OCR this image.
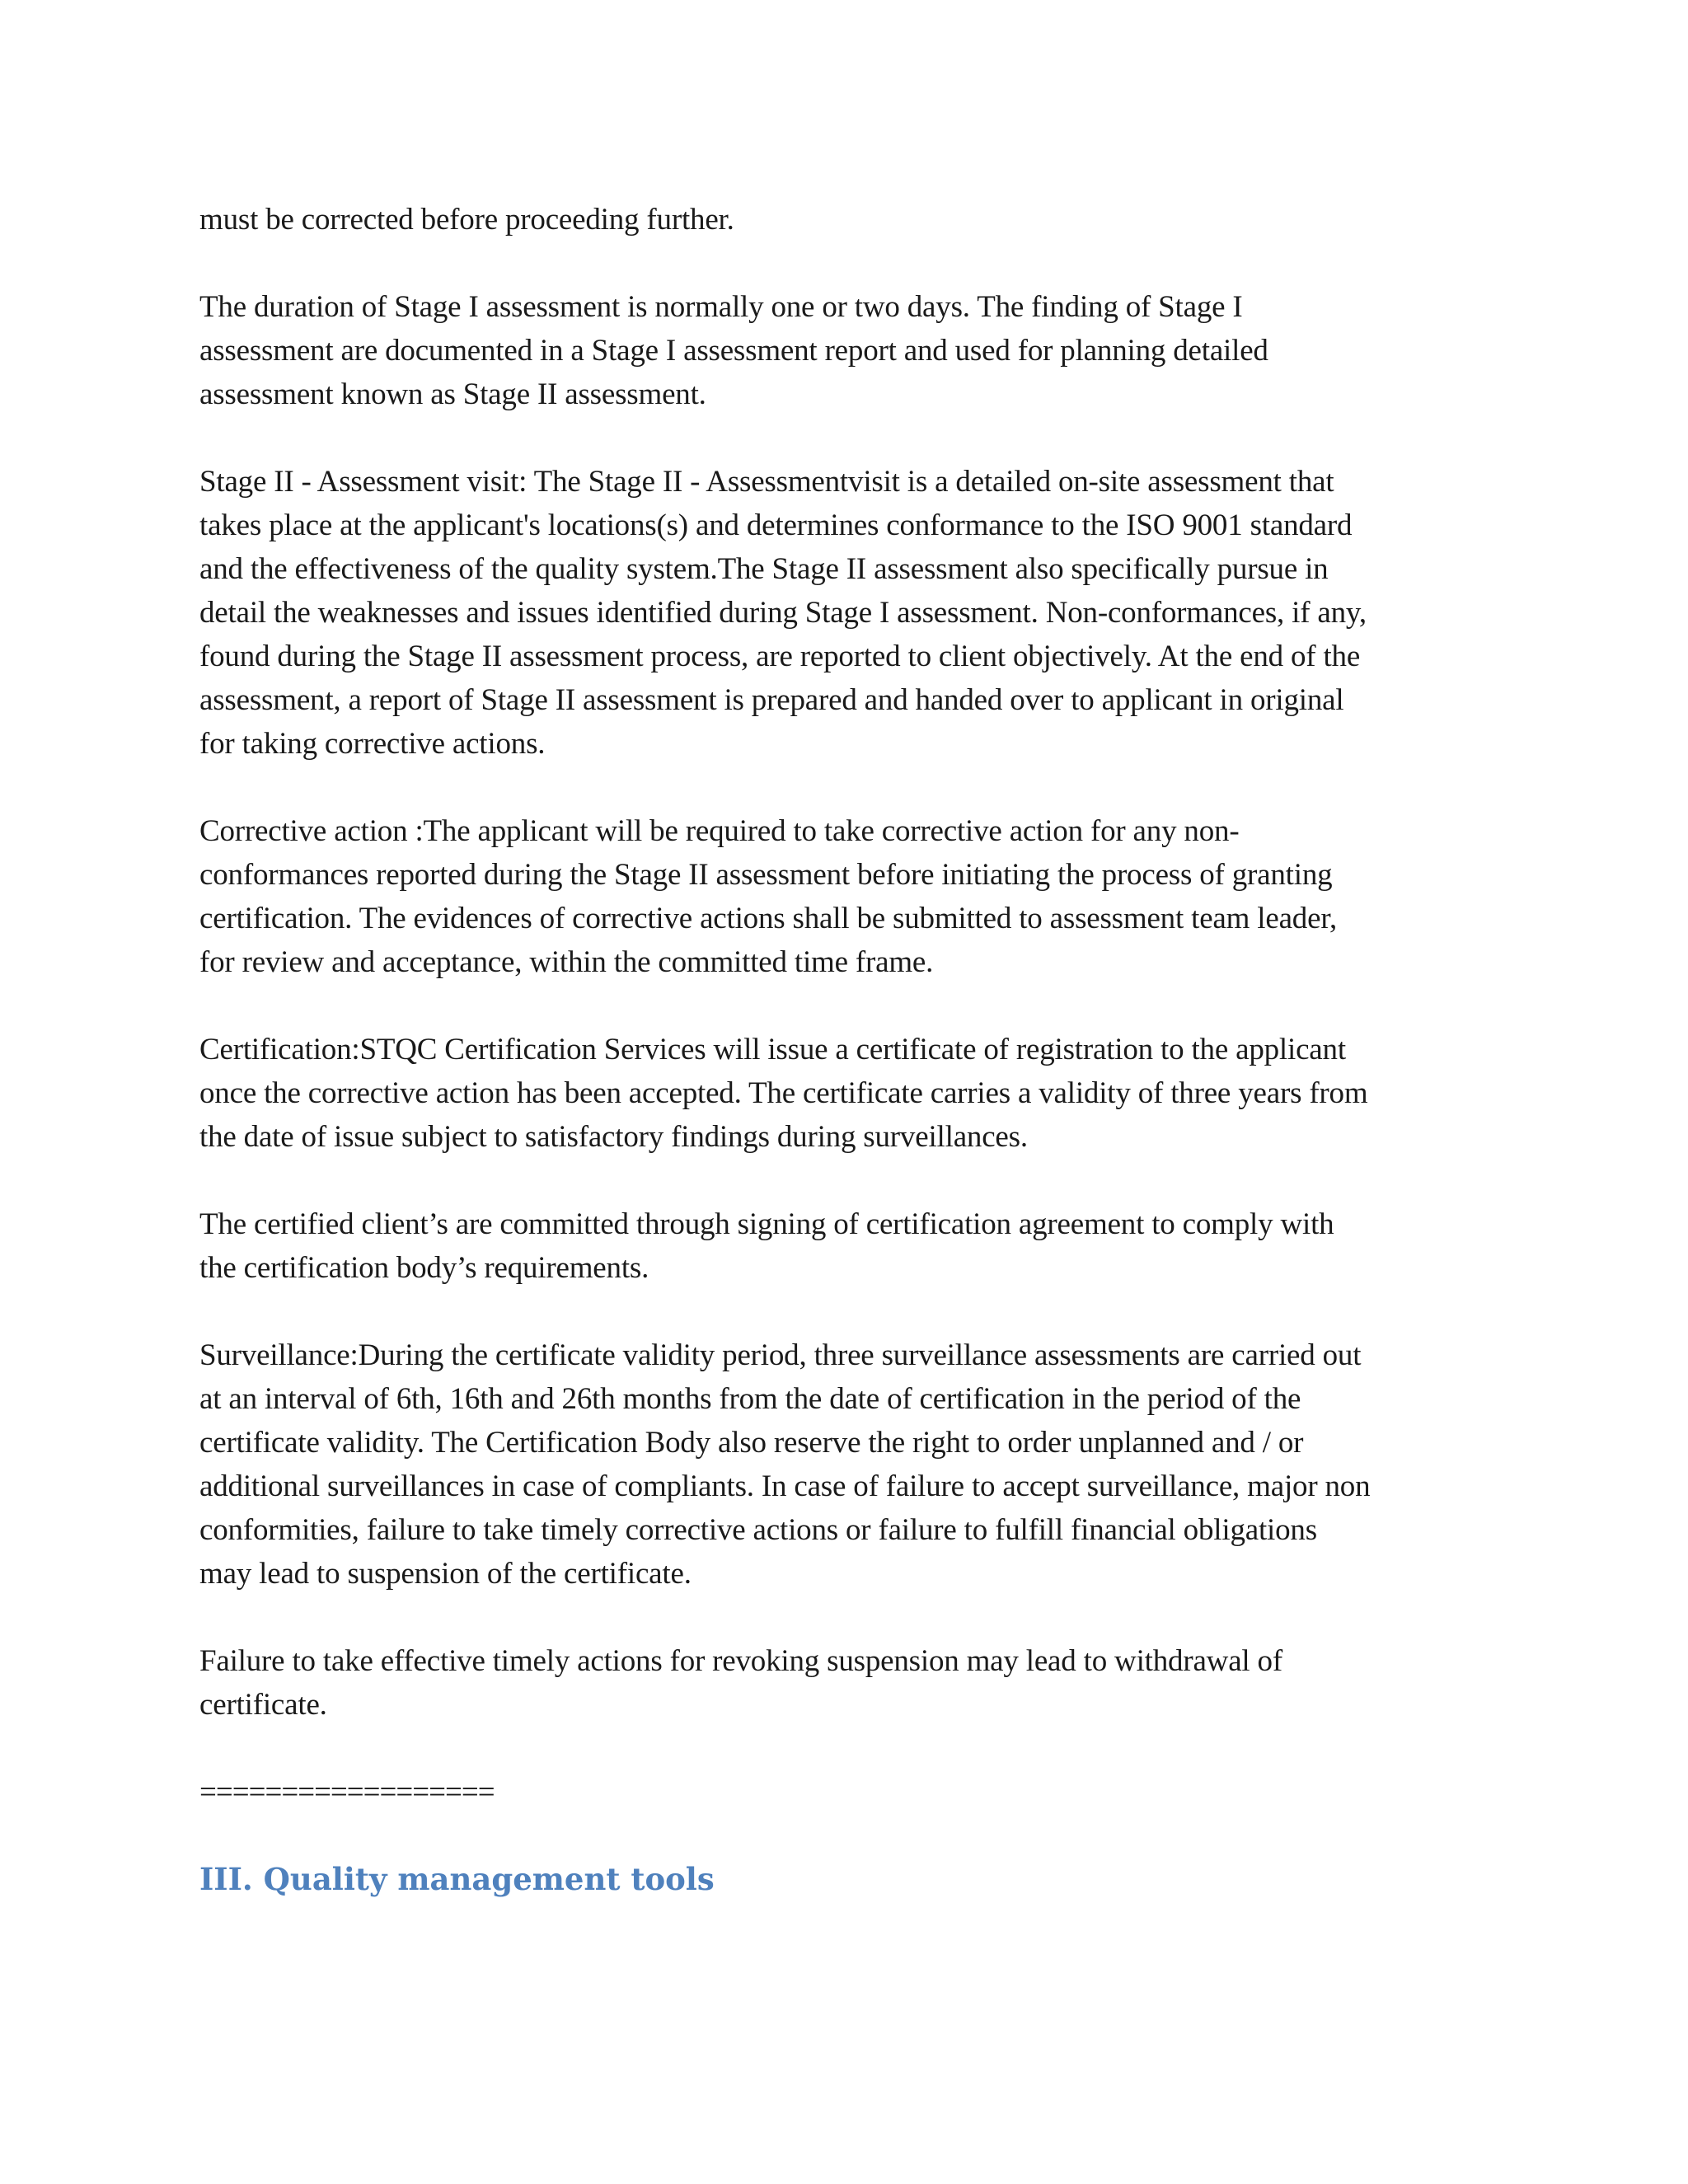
must be corrected before proceeding further.
The duration of Stage I assessment is normally one or two days. The finding of Stage I
assessment are documented in a Stage I assessment report and used for planning detailed
assessment known as Stage II assessment.
Stage II - Assessment visit: The Stage II - Assessmentvisit is a detailed on-site assessment that
takes place at the applicant's locations(s) and determines conformance to the ISO 9001 standard
and the effectiveness of the quality system.The Stage II assessment also specifically pursue in
detail the weaknesses and issues identified during Stage I assessment. Non-conformances, if any,
found during the Stage II assessment process, are reported to client objectively. At the end of the
assessment, a report of Stage II assessment is prepared and handed over to applicant in original
for taking corrective actions.
Corrective action :The applicant will be required to take corrective action for any non-
conformances reported during the Stage II assessment before initiating the process of granting
certification. The evidences of corrective actions shall be submitted to assessment team leader,
for review and acceptance, within the committed time frame.
Certification:STQC Certification Services will issue a certificate of registration to the applicant
once the corrective action has been accepted. The certificate carries a validity of three years from
the date of issue subject to satisfactory findings during surveillances.
The certified client’s are committed through signing of certification agreement to comply with
the certification body’s requirements.
Surveillance:During the certificate validity period, three surveillance assessments are carried out
at an interval of 6th, 16th and 26th months from the date of certification in the period of the
certificate validity. The Certification Body also reserve the right to order unplanned and / or
additional surveillances in case of compliants. In case of failure to accept surveillance, major non
conformities, failure to take timely corrective actions or failure to fulfill financial obligations
may lead to suspension of the certificate.
Failure to take effective timely actions for revoking suspension may lead to withdrawal of
certificate.
==================
III. Quality management tools
